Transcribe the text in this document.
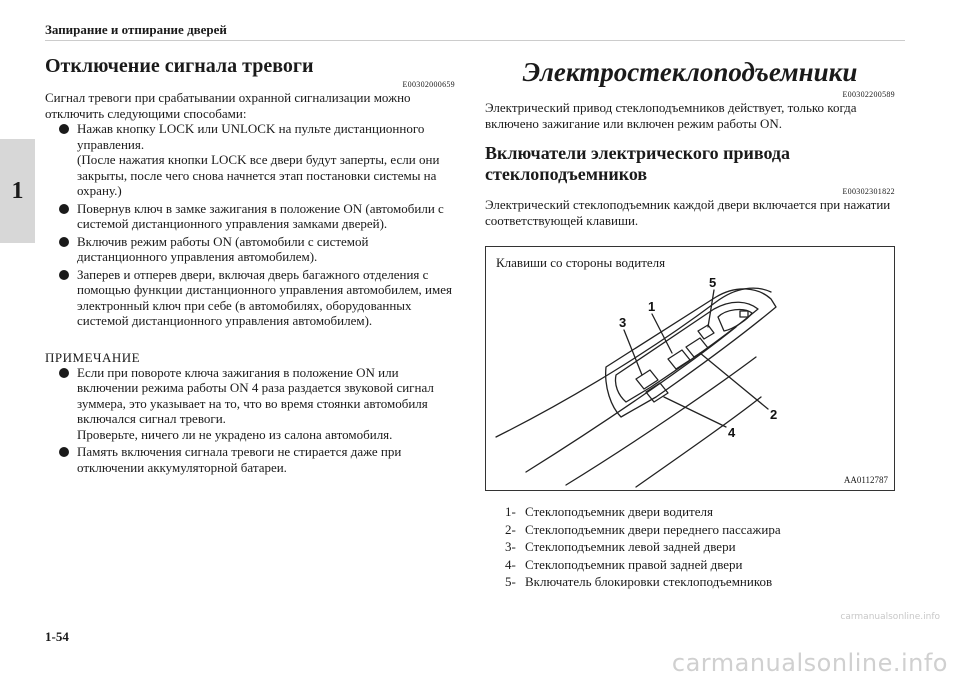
Запирание и отпирание дверей
1
Отключение сигнала тревоги
E00302000659

Сигнал тревоги при срабатывании охранной сигнализации можно отключить следующими способами:

Нажав кнопку LOCK или UNLOCK на пульте дистанционного управления.
(После нажатия кнопки LOCK все двери будут заперты, если они закрыты, после чего снова начнется этап постановки системы на охрану.)
Повернув ключ в замке зажигания в положение ON (автомобили с системой дистанционного управления замками дверей).
Включив режим работы ON (автомобили с системой дистанционного управления автомобилем).
Заперев и отперев двери, включая дверь багажного отделения с помощью функции дистанционного управления автомобилем, имея электронный ключ при себе (в автомобилях, оборудованных системой дистанционного управления автомобилем).
ПРИМЕЧАНИЕ
Если при повороте ключа зажигания в положение ON или включении режима работы ON 4 раза раздается звуковой сигнал зуммера, это указывает на то, что во время стоянки автомобиля включался сигнал тревоги.
Проверьте, ничего ли не украдено из салона автомобиля.
Память включения сигнала тревоги не стирается даже при отключении аккумуляторной батареи.
Электростеклоподъемники
E00302200589

Электрический привод стеклоподъемников действует, только когда включено зажигание или включен режим работы ON.

Включатели электрического привода стеклоподъемников
E00302301822

Электрический стеклоподъемник каждой двери включается при нажатии соответствующей клавиши.

Клавиши со стороны водителя
1
2
3
4
5
AA0112787
1- Стеклоподъемник двери водителя
2- Стеклоподъемник двери переднего пассажира
3- Стеклоподъемник левой задней двери
4- Стеклоподъемник правой задней двери
5- Включатель блокировки стеклоподъемников
1-54
carmanualsonline.info
carmanualsonline.info
